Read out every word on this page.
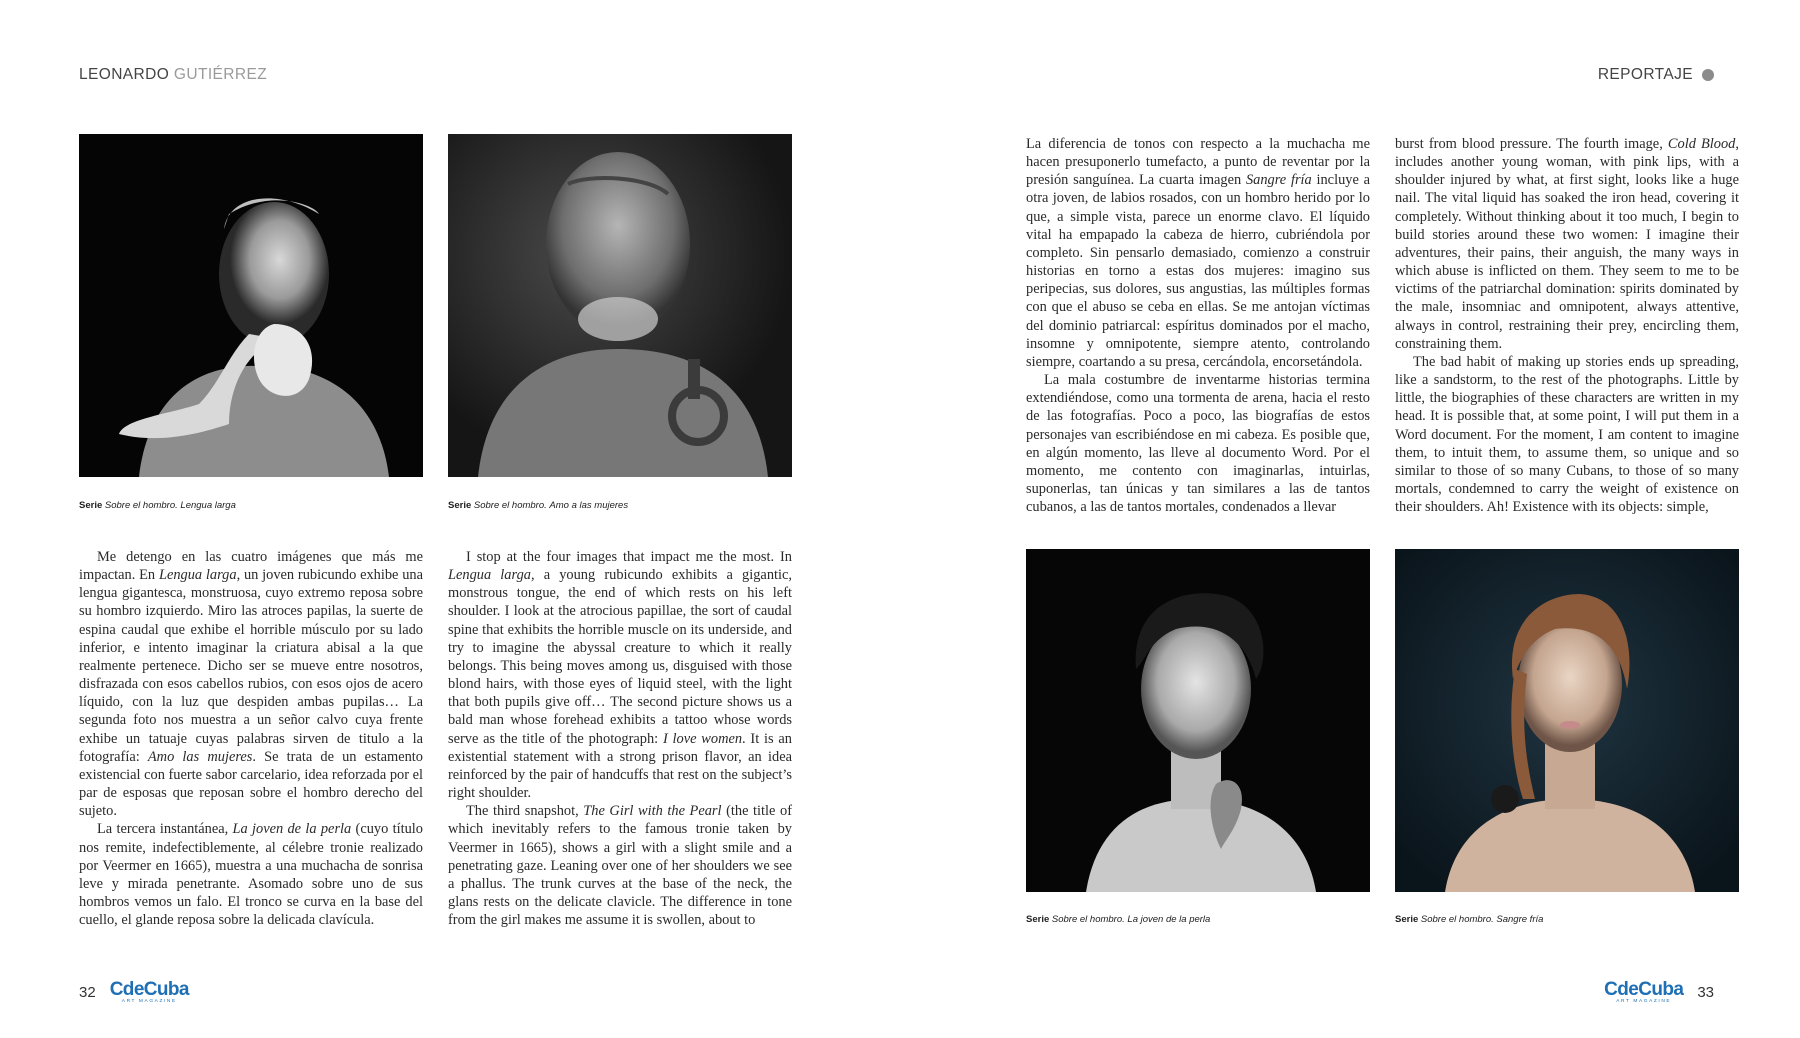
LEONARDO GUTIÉRREZ	REPORTAJE
Serie Sobre el hombro. Lengua larga	Serie Sobre el hombro. Amo a las mujeres

Me detengo en las cuatro imágenes que más me impactan. En Lengua larga, un joven rubicundo exhibe una lengua gigantesca, monstruosa, cuyo extremo reposa sobre su hombro izquierdo. Miro las atroces papilas, la suerte de espina caudal que exhibe el horrible músculo por su lado inferior, e intento imaginar la criatura abisal a la que realmente pertenece. Dicho ser se mueve entre nosotros, disfrazada con esos cabellos rubios, con esos ojos de acero líquido, con la luz que despiden ambas pupilas… La segunda foto nos muestra a un señor calvo cuya frente exhibe un tatuaje cuyas palabras sirven de titulo a la fotografía: Amo las mujeres. Se trata de un estamento existencial con fuerte sabor carcelario, idea reforzada por el par de esposas que reposan sobre el hombro derecho del sujeto.

La tercera instantánea, La joven de la perla (cuyo título nos remite, indefectiblemente, al célebre tronie realizado por Veermer en 1665), muestra a una muchacha de sonrisa leve y mirada penetrante. Asomado sobre uno de sus hombros vemos un falo. El tronco se curva en la base del cuello, el glande reposa sobre la delicada clavícula.

I stop at the four images that impact me the most. In Lengua larga, a young rubicundo exhibits a gigantic, monstrous tongue, the end of which rests on his left shoulder. I look at the atrocious papillae, the sort of caudal spine that exhibits the horrible muscle on its underside, and try to imagine the abyssal creature to which it really belongs. This being moves among us, disguised with those blond hairs, with those eyes of liquid steel, with the light that both pupils give off… The second picture shows us a bald man whose forehead exhibits a tattoo whose words serve as the title of the photograph: I love women. It is an existential statement with a strong prison flavor, an idea reinforced by the pair of handcuffs that rest on the subject’s right shoulder.

The third snapshot, The Girl with the Pearl (the title of which inevitably refers to the famous tronie taken by Veermer in 1665), shows a girl with a slight smile and a penetrating gaze. Leaning over one of her shoulders we see a phallus. The trunk curves at the base of the neck, the glans rests on the delicate clavicle. The difference in tone from the girl makes me assume it is swollen, about to

La diferencia de tonos con respecto a la muchacha me hacen presuponerlo tumefacto, a punto de reventar por la presión sanguínea. La cuarta imagen Sangre fría incluye a otra joven, de labios rosados, con un hombro herido por lo que, a simple vista, parece un enorme clavo. El líquido vital ha empapado la cabeza de hierro, cubriéndola por completo. Sin pensarlo demasiado, comienzo a construir historias en torno a estas dos mujeres: imagino sus peripecias, sus dolores, sus angustias, las múltiples formas con que el abuso se ceba en ellas. Se me antojan víctimas del dominio patriarcal: espíritus dominados por el macho, insomne y omnipotente, siempre atento, controlando siempre, coartando a su presa, cercándola, encorsetándola.

La mala costumbre de inventarme historias termina extendiéndose, como una tormenta de arena, hacia el resto de las fotografías. Poco a poco, las biografías de estos personajes van escribiéndose en mi cabeza. Es posible que, en algún momento, las lleve al documento Word. Por el momento, me contento con imaginarlas, intuirlas, suponerlas, tan únicas y tan similares a las de tantos cubanos, a las de tantos mortales, condenados a llevar

burst from blood pressure. The fourth image, Cold Blood, includes another young woman, with pink lips, with a shoulder injured by what, at first sight, looks like a huge nail. The vital liquid has soaked the iron head, covering it completely. Without thinking about it too much, I begin to build stories around these two women: I imagine their adventures, their pains, their anguish, the many ways in which abuse is inflicted on them. They seem to me to be victims of the patriarchal domination: spirits dominated by the male, insomniac and omnipotent, always attentive, always in control, restraining their prey, encircling them, constraining them.

The bad habit of making up stories ends up spreading, like a sandstorm, to the rest of the photographs. Little by little, the biographies of these characters are written in my head. It is possible that, at some point, I will put them in a Word document. For the moment, I am content to imagine them, to intuit them, to assume them, so unique and so similar to those of so many Cubans, to those of so many mortals, condemned to carry the weight of existence on their shoulders. Ah! Existence with its objects: simple,

Serie Sobre el hombro. La joven de la perla	Serie Sobre el hombro. Sangre fría
32 CdeCuba
ART MAGAZINE
CdeCuba
ART MAGAZINE
33
